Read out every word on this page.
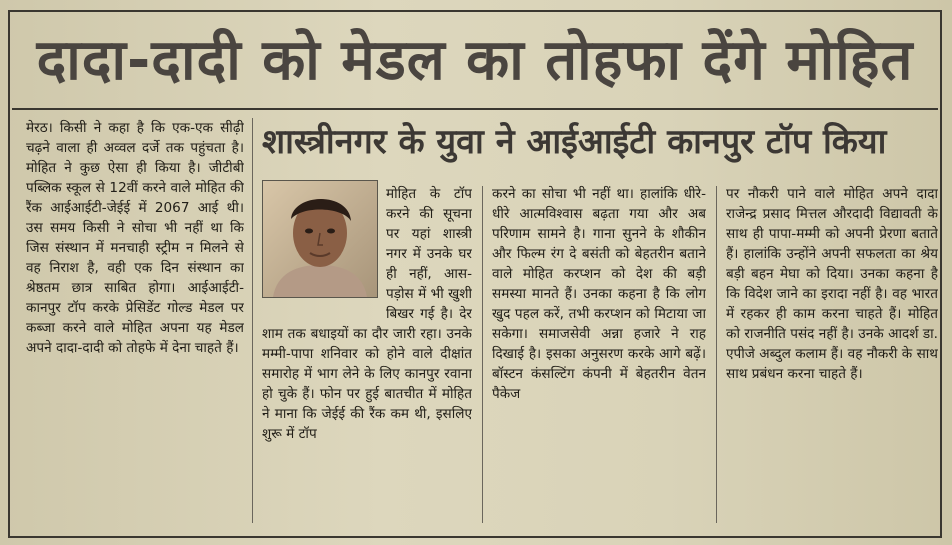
दादा-दादी को मेडल का तोहफा देंगे मोहित
शास्त्रीनगर के युवा ने आईआईटी कानपुर टॉप किया
मेरठ। किसी ने कहा है कि एक-एक सीढ़ी चढ़ने वाला ही अव्वल दर्जे तक पहुंचता है। मोहित ने कुछ ऐसा ही किया है। जीटीबी पब्लिक स्कूल से 12वीं करने वाले मोहित की रैंक आईआईटी-जेईई में 2067 आई थी। उस समय किसी ने सोचा भी नहीं था कि जिस संस्थान में मनचाही स्ट्रीम न मिलने से वह निराश है, वही एक दिन संस्थान का श्रेष्ठतम छात्र साबित होगा। आईआईटी-कानपुर टॉप करके प्रेसिडेंट गोल्ड मेडल पर कब्जा करने वाले मोहित अपना यह मेडल अपने दादा-दादी को तोहफे में देना चाहते हैं।
मोहित के टॉप करने की सूचना पर यहां शास्त्री नगर में उनके घर ही नहीं, आस-पड़ोस में भी खुशी बिखर गई है। देर शाम तक बधाइयों का दौर जारी रहा। उनके मम्मी-पापा शनिवार को होने वाले दीक्षांत समारोह में भाग लेने के लिए कानपुर रवाना हो चुके हैं। फोन पर हुई बातचीत में मोहित ने माना कि जेईई की रैंक कम थी, इसलिए शुरू में टॉप
करने का सोचा भी नहीं था। हालांकि धीरे-धीरे आत्मविश्वास बढ़ता गया और अब परिणाम सामने है। गाना सुनने के शौकीन और फिल्म रंग दे बसंती को बेहतरीन बताने वाले मोहित करप्शन को देश की बड़ी समस्या मानते हैं। उनका कहना है कि लोग खुद पहल करें, तभी करप्शन को मिटाया जा सकेगा। समाजसेवी अन्ना हजारे ने राह दिखाई है। इसका अनुसरण करके आगे बढ़ें। बॉस्टन कंसल्टिंग कंपनी में बेहतरीन वेतन पैकेज
पर नौकरी पाने वाले मोहित अपने दादा राजेन्द्र प्रसाद मित्तल औरदादी विद्यावती के साथ ही पापा-मम्मी को अपनी प्रेरणा बताते हैं। हालांकि उन्होंने अपनी सफलता का श्रेय बड़ी बहन मेघा को दिया। उनका कहना है कि विदेश जाने का इरादा नहीं है। वह भारत में रहकर ही काम करना चाहते हैं। मोहित को राजनीति पसंद नहीं है। उनके आदर्श डा. एपीजे अब्दुल कलाम हैं। वह नौकरी के साथ साथ प्रबंधन करना चाहते हैं।
